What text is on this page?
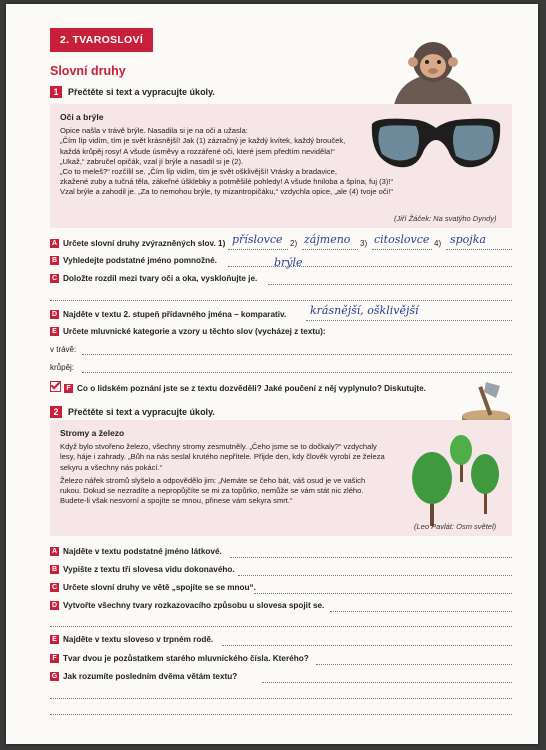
2. TVAROSLOVÍ
Slovní druhy
1	Přečtěte si text a vypracujte úkoly.
Oči a brýle

Opice našla v trávě brýle. Nasadila si je na oči a užasla:

„Čím líp vidím, tím je svět krásnější! Jak (1) zázračný je každý kvítek, každý brouček,

každá krůpěj rosy! A všude úsměvy a rozzářené oči, které jsem předtím neviděla!“

„Ukaž,“ zabručel opičák, vzal jí brýle a nasadil si je (2).

„Co to meleš?“ rozčílil se. „Čím líp vidím, tím je svět ošklivější! Vrásky a bradavice,

zkažené zuby a tučná těla, zákeřné úšklebky a potměšilé pohledy! A všude hniloba a špína, fuj (3)!“

Vzal brýle a zahodil je. „Za to nemohou brýle, ty mizantropičáku,“ vzdychla opice, „ale (4) tvoje oči!“

(Jiří Žáček: Na svatýho Dyndy)
A Určete slovní druhy zvýrazněných slov. 1)	2)	3)	4)
příslovce zájmeno citoslovce spojka
B Vyhledejte podstatné jméno pomnožné.	brýle
C Doložte rozdíl mezi tvary oči a oka, vyskloňujte je.
D Najděte v textu 2. stupeň přídavného jména – komparativ. krásnější, ošklivější
E Určete mluvnické kategorie a vzory u těchto slov (vycházej z textu):
v trávě:
krůpěj:
F Co o lidském poznání jste se z textu dozvěděli? Jaké poučení z něj vyplynulo? Diskutujte.
2	Přečtěte si text a vypracujte úkoly.
Stromy a železo

Když bylo stvořeno železo, všechny stromy zesmutněly. „Čeho jsme se to dočkaly?“ vzdychaly

lesy, háje i zahrady. „Bůh na nás seslal krutého nepřítele. Přijde den, kdy člověk vyrobí ze železa

sekyru a všechny nás pokácí.“

Železo nářek stromů slyšelo a odpovědělo jim: „Nemáte se čeho bát, váš osud je ve vašich

rukou. Dokud se nezradíte a nepropůjčíte se mi za topůrko, nemůže se vám stát nic zlého.

Budete-li však nesvorní a spojíte se mnou, přinese vám sekyra smrt.“

(Leo Pavlát: Osm světel)
A Najděte v textu podstatné jméno látkové.
B Vypište z textu tři slovesa vidu dokonavého.
C Určete slovní druhy ve větě „spojíte se se mnou“.
D Vytvořte všechny tvary rozkazovacího způsobu u slovesa spojit se.
E Najděte v textu sloveso v trpném rodě.
F Tvar dvou je pozůstatkem starého mluvnického čísla. Kterého?
G Jak rozumíte posledním dvěma větám textu?
